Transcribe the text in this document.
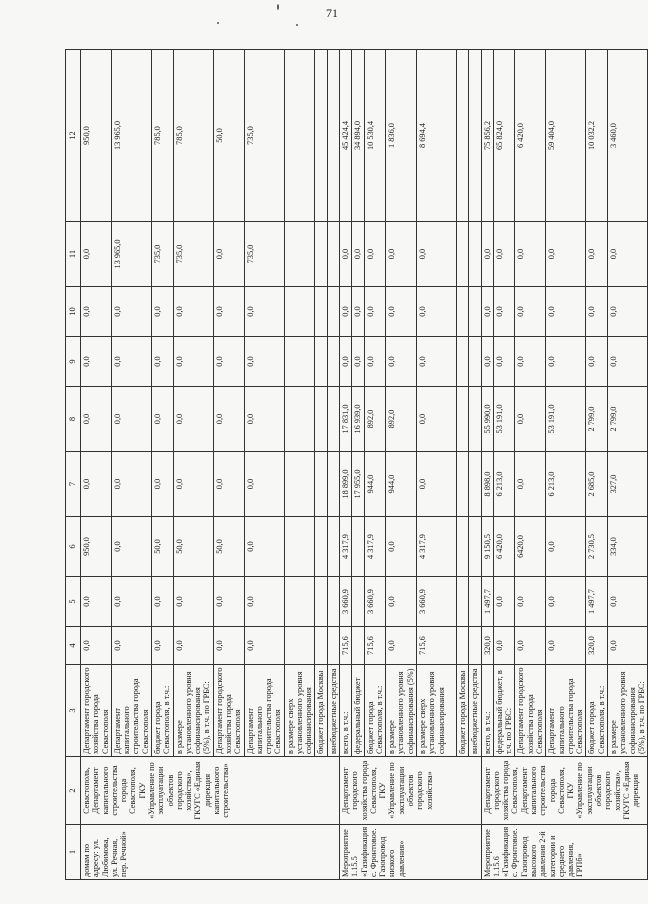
71
1	2	3	4	5	6	7	8	9	10	11	12
домам по адресу: ул. Любимова, ул. Речная, пер. Речной»	Севастополь, Департамент капитального строительства города Севастополя, ГКУ «Управление по эксплуатации объектов городского хозяйства», ГКУГС «Единая дирекция капитального строительства»	Департамент городского хозяйства города Севастополя	0,0	0,0	950,0	0,0	0,0	0,0	0,0	0,0	950,0
		Департамент капитального строительства города Севастополя	0,0	0,0	0,0	0,0	0,0	0,0	0,0	13 965,0	13 965,0
		бюджет города Севастополя, в т.ч.:	0,0	0,0	50,0	0,0	0,0	0,0	0,0	735,0	785,0
		в размере установленного уровня софинансирования (5%), в т.ч. по ГРБС:	0,0	0,0	50,0	0,0	0,0	0,0	0,0	735,0	785,0
		Департамент городского хозяйства города Севастополя	0,0	0,0	50,0	0,0	0,0	0,0	0,0	0,0	50,0
		Департамент капитального строительства города Севастополя	0,0	0,0	0,0	0,0	0,0	0,0	0,0	735,0	735,0
		в размере сверх установленного уровня софинансирования									
		бюджет города Москвы									
		внебюджетные средства									
Мероприятие 1.15.5 «Газификация с. Фронтовое. Газопровод низкого давления»	Департамент городского хозяйства города Севастополя, ГКУ «Управление по эксплуатации объектов городского хозяйства»	всего, в т.ч.:	715,6	3 660,9	4 317,9	18 899,0	17 831,0	0,0	0,0	0,0	45 424,4
		федеральный бюджет				17 955,0	16 939,0	0,0	0,0	0,0	34 894,0
		бюджет города Севастополя, в т.ч.:	715,6	3 660,9	4 317,9	944,0	892,0	0,0	0,0	0,0	10 530,4
		в размере установленного уровня софинансирования (5%)	0,0	0,0	0,0	944,0	892,0	0,0	0,0	0,0	1 836,0
		в размере сверх установленного уровня софинансирования	715,6	3 660,9	4 317,9	0,0	0,0	0,0	0,0	0,0	8 694,4
		бюджет города Москвы									
		внебюджетные средства									
Мероприятие 1.15.6 «Газификация с. Фронтовое. Газопровод высокого давления 2-й категории и среднего давления, ГРПб»	Департамент городского хозяйства города Севастополя, Департамент капитального строительства города Севастополя, ГКУ «Управление по эксплуатации объектов городского хозяйства», ГКУГС «Единая дирекция	всего, в т.ч.:	320,0	1 497,7	9 150,5	8 898,0	55 990,0	0,0	0,0	0,0	75 856,2
		федеральный бюджет, в т.ч. по ГРБС:	0,0	0,0	6 420,0	6 213,0	53 191,0	0,0	0,0	0,0	65 824,0
		Департамент городского хозяйства города Севастополя	0,0	0,0	6420,0	0,0	0,0	0,0	0,0	0,0	6 420,0
		Департамент капитального строительства города Севастополя	0,0	0,0	0,0	6 213,0	53 191,0	0,0	0,0	0,0	59 404,0
		бюджет города Севастополя, в т.ч.:	320,0	1 497,7	2 730,5	2 685,0	2 799,0	0,0	0,0	0,0	10 032,2
		в размере установленного уровня софинансирования (5%), в т.ч. по ГРБС:	0,0	0,0	334,0	327,0	2 799,0	0,0	0,0	0,0	3 460,0
